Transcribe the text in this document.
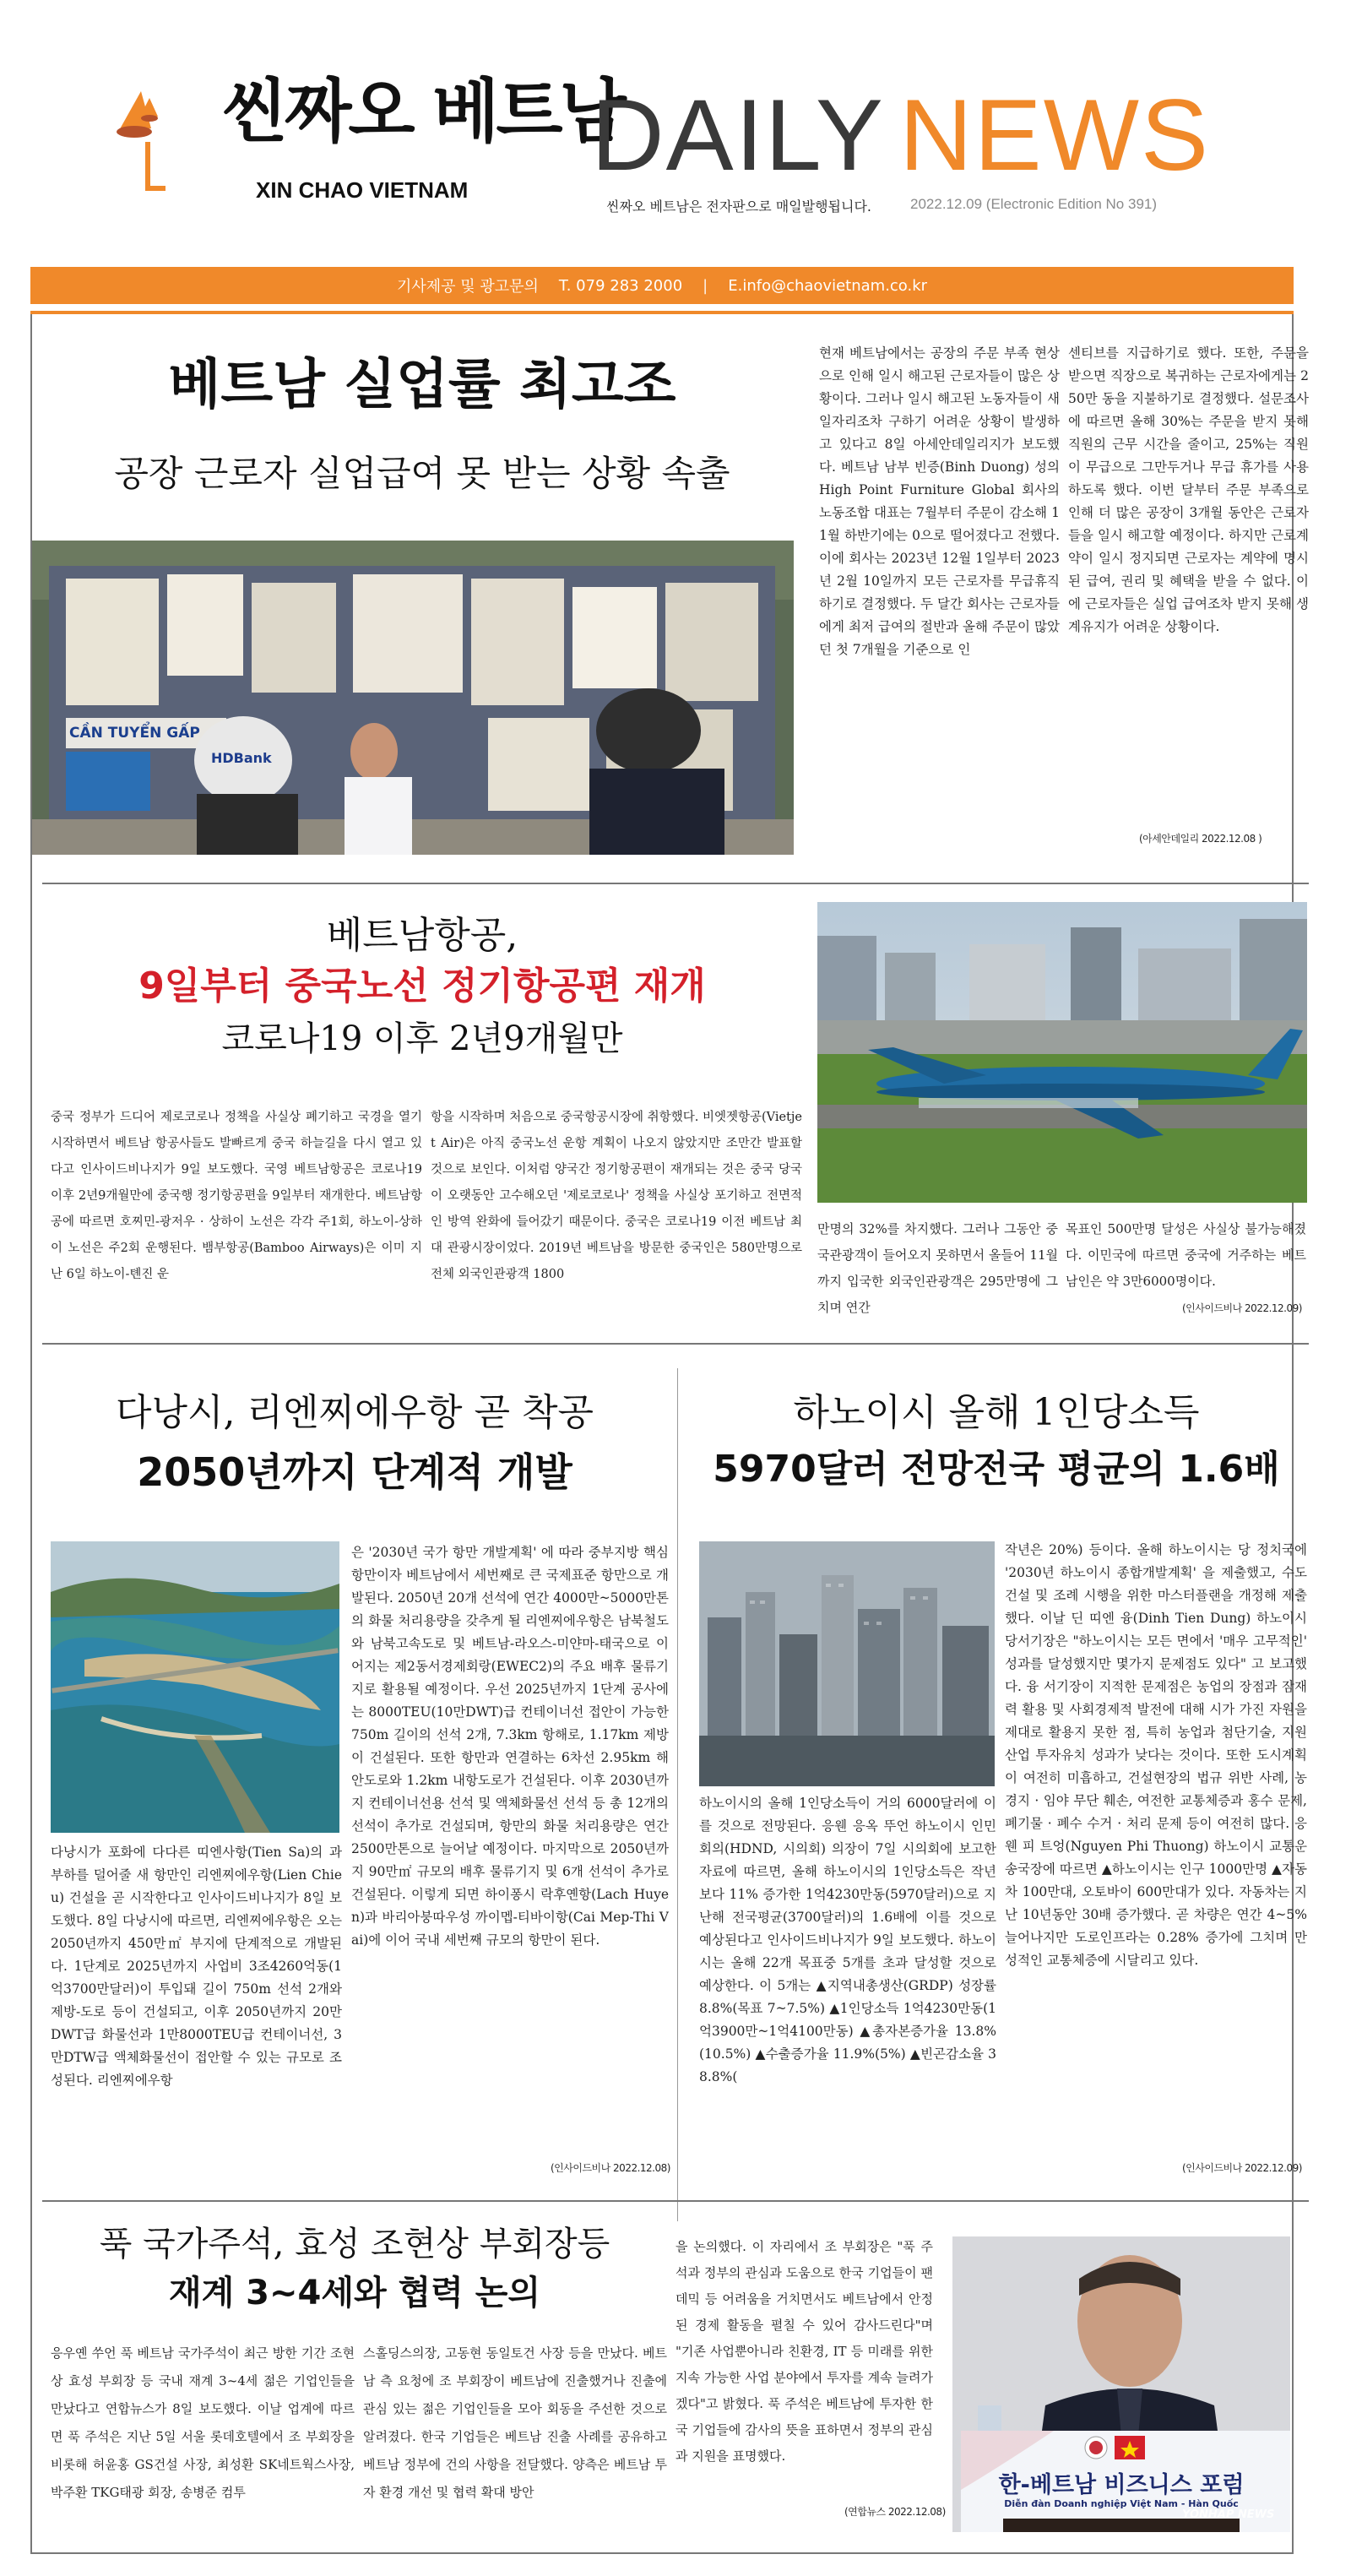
씬짜오 베트남
XIN CHAO VIETNAM DAILY NEWS
씬짜오 베트남은 전자판으로 매일발행됩니다.	2022.12.09 (Electronic Edition No 391)
기사제공 및 광고문의 T. 079 283 2000 | E.info@chaovietnam.co.kr
베트남 실업률 최고조
공장 근로자 실업급여 못 받는 상황 속출
CẦN TUYỂN GẤP
HDBank
현재 베트남에서는 공장의 주문 부족 현상으로 인해 일시 해고된 근로자들이 많은 상황이다. 그러나 일시 해고된 노동자들이 새 일자리조차 구하기 어려운 상황이 발생하고 있다고 8일 아세안데일리지가 보도했다. 베트남 남부 빈증(Binh Duong) 성의 High Point Furniture Global 회사의 노동조합 대표는 7월부터 주문이 감소해 11월 하반기에는 0으로 떨어졌다고 전했다. 이에 회사는 2023년 12월 1일부터 2023년 2월 10일까지 모든 근로자를 무급휴직하기로 결정했다. 두 달간 회사는 근로자들에게 최저 급여의 절반과 올해 주문이 많았던 첫 7개월을 기준으로 인
센티브를 지급하기로 했다. 또한, 주문을 받으면 직장으로 복귀하는 근로자에게는 250만 동을 지불하기로 결정했다. 설문조사에 따르면 올해 30%는 주문을 받지 못해 직원의 근무 시간을 줄이고, 25%는 직원이 무급으로 그만두거나 무급 휴가를 사용하도록 했다. 이번 달부터 주문 부족으로 인해 더 많은 공장이 3개월 동안은 근로자들을 일시 해고할 예정이다. 하지만 근로계약이 일시 정지되면 근로자는 계약에 명시된 급여, 권리 및 혜택을 받을 수 없다. 이에 근로자들은 실업 급여조차 받지 못해 생계유지가 어려운 상황이다.
(아세안데일리 2022.12.08 )
베트남항공,
9일부터 중국노선 정기항공편 재개
코로나19 이후 2년9개월만
중국 정부가 드디어 제로코로나 정책을 사실상 폐기하고 국경을 열기 시작하면서 베트남 항공사들도 발빠르게 중국 하늘길을 다시 열고 있다고 인사이드비나지가 9일 보도했다. 국영 베트남항공은 코로나19 이후 2년9개월만에 중국행 정기항공편을 9일부터 재개한다. 베트남항공에 따르면 호찌민-광저우 · 상하이 노선은 각각 주1회, 하노이-상하이 노선은 주2회 운행된다. 뱀부항공(Bamboo Airways)은 이미 지난 6일 하노이-톈진 운
항을 시작하며 처음으로 중국항공시장에 취항했다. 비엣젯항공(Vietjet Air)은 아직 중국노선 운항 계획이 나오지 않았지만 조만간 발표할 것으로 보인다. 이처럼 양국간 정기항공편이 재개되는 것은 중국 당국이 오랫동안 고수해오던 '제로코로나' 정책을 사실상 포기하고 전면적인 방역 완화에 들어갔기 때문이다. 중국은 코로나19 이전 베트남 최대 관광시장이었다. 2019년 베트남을 방문한 중국인은 580만명으로 전체 외국인관광객 1800
만명의 32%를 차지했다. 그러나 그동안 중국관광객이 들어오지 못하면서 올들어 11월까지 입국한 외국인관광객은 295만명에 그치며 연간
목표인 500만명 달성은 사실상 불가능해졌다. 이민국에 따르면 중국에 거주하는 베트남인은 약 3만6000명이다.
(인사이드비나 2022.12.09)
다낭시, 리엔찌에우항 곧 착공
2050년까지 단계적 개발
다낭시가 포화에 다다른 띠엔사항(Tien Sa)의 과부하를 덜어줄 새 항만인 리엔찌에우항(Lien Chieu) 건설을 곧 시작한다고 인사이드비나지가 8일 보도했다. 8일 다낭시에 따르면, 리엔찌에우항은 오는 2050년까지 450만㎡ 부지에 단계적으로 개발된다. 1단계로 2025년까지 사업비 3조4260억동(1억3700만달러)이 투입돼 길이 750m 선석 2개와 제방-도로 등이 건설되고, 이후 2050년까지 20만DWT급 화물선과 1만8000TEU급 컨테이너선, 3만DTW급 액체화물선이 접안할 수 있는 규모로 조성된다. 리엔찌에우항
은 '2030년 국가 항만 개발계획' 에 따라 중부지방 핵심 항만이자 베트남에서 세번째로 큰 국제표준 항만으로 개발된다. 2050년 20개 선석에 연간 4000만~5000만톤의 화물 처리용량을 갖추게 될 리엔찌에우항은 남북철도와 남북고속도로 및 베트남-라오스-미얀마-태국으로 이어지는 제2동서경제회랑(EWEC2)의 주요 배후 물류기지로 활용될 예정이다. 우선 2025년까지 1단계 공사에는 8000TEU(10만DWT)급 컨테이너선 접안이 가능한 750m 길이의 선석 2개, 7.3km 항해로, 1.17km 제방이 건설된다. 또한 항만과 연결하는 6차선 2.95km 해안도로와 1.2km 내항도로가 건설된다. 이후 2030년까지 컨테이너선용 선석 및 액체화물선 선석 등 총 12개의 선석이 추가로 건설되며, 항만의 화물 처리용량은 연간 2500만톤으로 늘어날 예정이다. 마지막으로 2050년까지 90만㎡ 규모의 배후 물류기지 및 6개 선석이 추가로 건설된다. 이렇게 되면 하이퐁시 락후옌항(Lach Huyen)과 바리아붕따우성 까이멥-티바이항(Cai Mep-Thi Vai)에 이어 국내 세번째 규모의 항만이 된다.
(인사이드비나 2022.12.08)
하노이시 올해 1인당소득
5970달러 전망전국 평균의 1.6배
하노이시의 올해 1인당소득이 거의 6000달러에 이를 것으로 전망된다. 응웬 응옥 뚜언 하노이시 인민회의(HDND, 시의회) 의장이 7일 시의회에 보고한 자료에 따르면, 올해 하노이시의 1인당소득은 작년보다 11% 증가한 1억4230만동(5970달러)으로 지난해 전국평균(3700달러)의 1.6배에 이를 것으로 예상된다고 인사이드비나지가 9일 보도했다. 하노이시는 올해 22개 목표중 5개를 초과 달성할 것으로 예상한다. 이 5개는 ▲지역내총생산(GRDP) 성장률 8.8%(목표 7~7.5%) ▲1인당소득 1억4230만동(1억3900만~1억4100만동) ▲총자본증가율 13.8%(10.5%) ▲수출증가율 11.9%(5%) ▲빈곤감소율 38.8%(
작년은 20%) 등이다. 올해 하노이시는 당 정치국에 '2030년 하노이시 종합개발계획' 을 제출했고, 수도 건설 및 조례 시행을 위한 마스터플랜을 개정해 제출했다. 이날 딘 띠엔 융(Dinh Tien Dung) 하노이시 당서기장은 "하노이시는 모든 면에서 '매우 고무적인' 성과를 달성했지만 몇가지 문제점도 있다" 고 보고했다. 융 서기장이 지적한 문제점은 농업의 장점과 잠재력 활용 및 사회경제적 발전에 대해 시가 가진 자원을 제대로 활용지 못한 점, 특히 농업과 첨단기술, 지원산업 투자유치 성과가 낮다는 것이다. 또한 도시계획이 여전히 미흡하고, 건설현장의 법규 위반 사례, 농경지 · 임야 무단 훼손, 여전한 교통체증과 홍수 문제, 폐기물 · 폐수 수거 · 처리 문제 등이 여전히 많다. 응웬 피 트엉(Nguyen Phi Thuong) 하노이시 교통운송국장에 따르면 ▲하노이시는 인구 1000만명 ▲자동차 100만대, 오토바이 600만대가 있다. 자동차는 지난 10년동안 30배 증가했다. 곧 차량은 연간 4~5% 늘어나지만 도로인프라는 0.28% 증가에 그치며 만성적인 교통체증에 시달리고 있다.
(인사이드비나 2022.12.09)
푹 국가주석, 효성 조현상 부회장등
재계 3~4세와 협력 논의
응우옌 쑤언 푹 베트남 국가주석이 최근 방한 기간 조현상 효성 부회장 등 국내 재계 3~4세 젊은 기업인들을 만났다고 연합뉴스가 8일 보도했다. 이날 업계에 따르면 푹 주석은 지난 5일 서울 롯데호텔에서 조 부회장을 비롯해 허윤홍 GS건설 사장, 최성환 SK네트웍스사장, 박주환 TKG태광 회장, 송병준 컴투
스홀딩스의장, 고동현 동일토건 사장 등을 만났다. 베트남 측 요청에 조 부회장이 베트남에 진출했거나 진출에 관심 있는 젊은 기업인들을 모아 회동을 주선한 것으로 알려졌다. 한국 기업들은 베트남 진출 사례를 공유하고 베트남 정부에 건의 사항을 전달했다. 양측은 베트남 투자 환경 개선 및 협력 확대 방안
을 논의했다. 이 자리에서 조 부회장은 "푹 주석과 정부의 관심과 도움으로 한국 기업들이 팬데믹 등 어려움을 거치면서도 베트남에서 안정된 경제 활동을 펼칠 수 있어 감사드린다"며 "기존 사업뿐아니라 친환경, IT 등 미래를 위한 지속 가능한 사업 분야에서 투자를 계속 늘려가겠다"고 밝혔다. 푹 주석은 베트남에 투자한 한국 기업들에 감사의 뜻을 표하면서 정부의 관심과 지원을 표명했다.
(연합뉴스 2022.12.08)
한-베트남 비즈니스 포럼
Diễn đàn Doanh nghiệp Việt Nam - Hàn Quốc
YONHAP NEWS
